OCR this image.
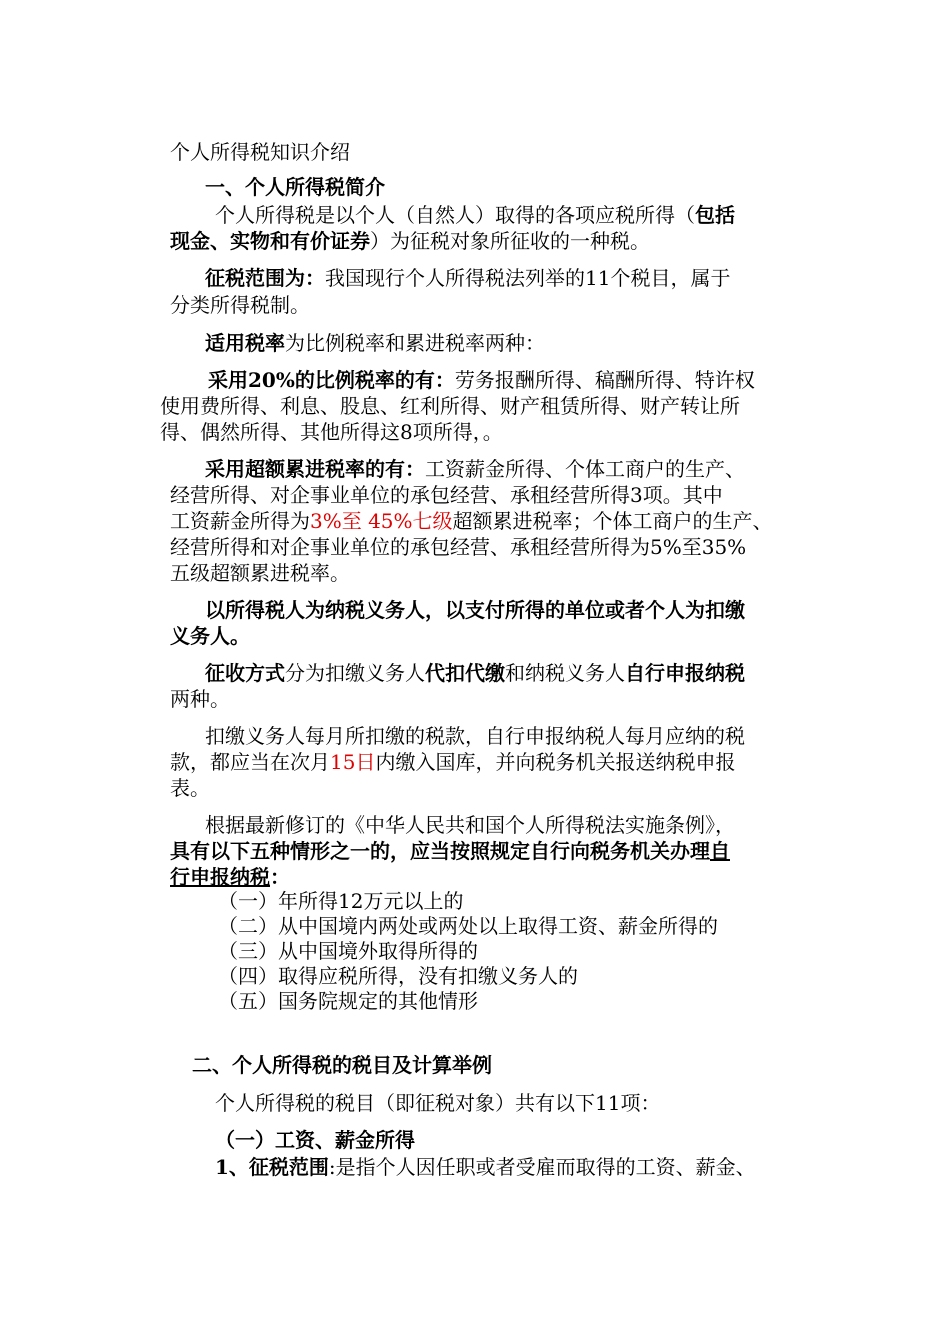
个人所得税知识介绍
一、个人所得税简介
个人所得税是以个人（自然人）取得的各项应税所得（包括
现金、实物和有价证券）为征税对象所征收的一种税。
征税范围为：我国现行个人所得税法列举的11个税目，属于
分类所得税制。
适用税率为比例税率和累进税率两种：
采用20%的比例税率的有：劳务报酬所得、稿酬所得、特许权
使用费所得、利息、股息、红利所得、财产租赁所得、财产转让所
得、偶然所得、其他所得这8项所得，。
采用超额累进税率的有：工资薪金所得、个体工商户的生产、
经营所得、对企事业单位的承包经营、承租经营所得3项。其中
工资薪金所得为3%至 45%七级超额累进税率；个体工商户的生产、
经营所得和对企事业单位的承包经营、承租经营所得为5%至35%
五级超额累进税率。
以所得税人为纳税义务人，以支付所得的单位或者个人为扣缴
义务人。
征收方式分为扣缴义务人代扣代缴和纳税义务人自行申报纳税
两种。
扣缴义务人每月所扣缴的税款，自行申报纳税人每月应纳的税
款，都应当在次月15日内缴入国库，并向税务机关报送纳税申报
表。
根据最新修订的《中华人民共和国个人所得税法实施条例》，
具有以下五种情形之一的，应当按照规定自行向税务机关办理自
行申报纳税：
（一）年所得12万元以上的
（二）从中国境内两处或两处以上取得工资、薪金所得的
（三）从中国境外取得所得的
（四）取得应税所得，没有扣缴义务人的
（五）国务院规定的其他情形
二、个人所得税的税目及计算举例
个人所得税的税目（即征税对象）共有以下11项：
（一）工资、薪金所得
1、征税范围:是指个人因任职或者受雇而取得的工资、薪金、
